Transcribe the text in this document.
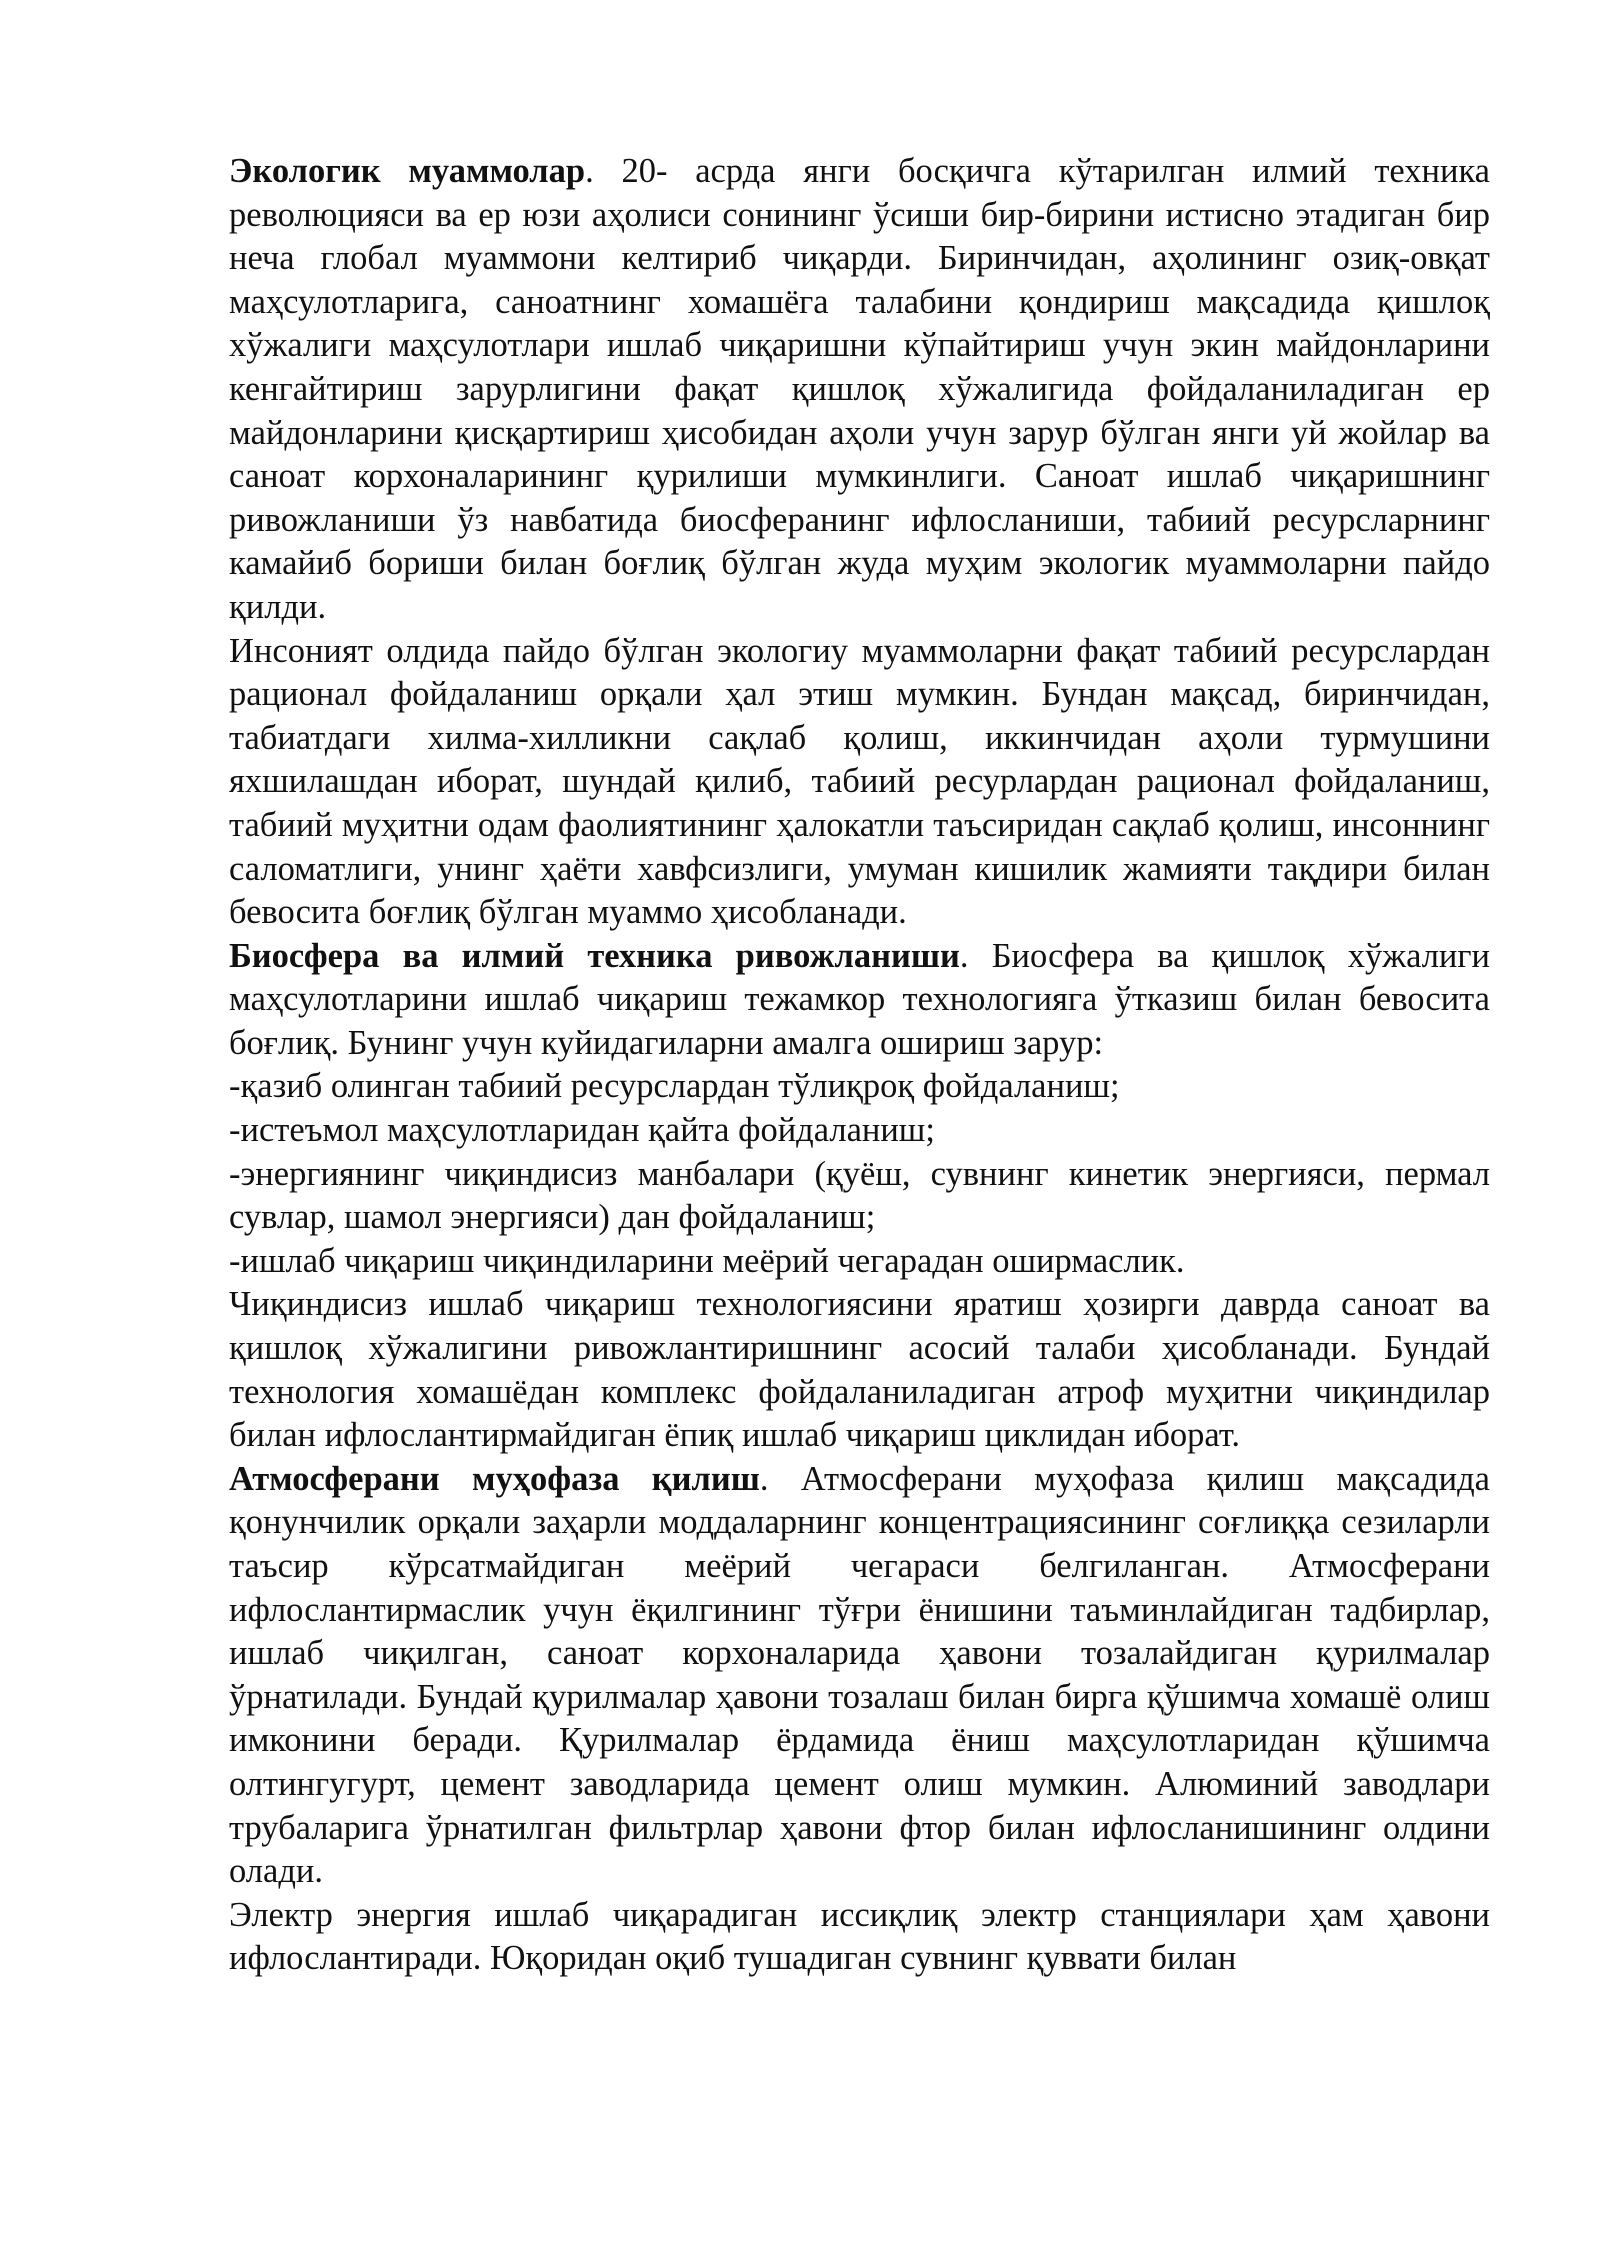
Экологик муаммолар. 20- асрда янги босқичга кўтарилган илмий техника революцияси ва ер юзи аҳолиси сонининг ўсиши бир-бирини истисно этадиган бир неча глобал муаммони келтириб чиқарди. Биринчидан, аҳолининг озиқ-овқат маҳсулотларига, саноатнинг хомашёга талабини қондириш мақсадида қишлоқ хўжалиги маҳсулотлари ишлаб чиқаришни кўпайтириш учун экин майдонларини кенгайтириш зарурлигини фақат қишлоқ хўжалигида фойдаланиладиган ер майдонларини қисқартириш ҳисобидан аҳоли учун зарур бўлган янги уй жойлар ва саноат корхоналарининг қурилиши мумкинлиги. Саноат ишлаб чиқаришнинг ривожланиши ўз навбатида биосферанинг ифлосланиши, табиий ресурсларнинг камайиб бориши билан боғлиқ бўлган жуда муҳим экологик муаммоларни пайдо қилди.

Инсоният олдида пайдо бўлган экологиу муаммоларни фақат табиий ресурслардан рационал фойдаланиш орқали ҳал этиш мумкин. Бундан мақсад, биринчидан, табиатдаги хилма-хилликни сақлаб қолиш, иккинчидан аҳоли турмушини яхшилашдан иборат, шундай қилиб, табиий ресурлардан рационал фойдаланиш, табиий муҳитни одам фаолиятининг ҳалокатли таъсиридан сақлаб қолиш, инсоннинг саломатлиги, унинг ҳаёти хавфсизлиги, умуман кишилик жамияти тақдири билан бевосита боғлиқ бўлган муаммо ҳисобланади.

Биосфера ва илмий техника ривожланиши. Биосфера ва қишлоқ хўжалиги маҳсулотларини ишлаб чиқариш тежамкор технологияга ўтказиш билан бевосита боғлиқ. Бунинг учун куйидагиларни амалга ошириш зарур:

-қазиб олинган табиий ресурслардан тўлиқроқ фойдаланиш;

-истеъмол маҳсулотларидан қайта фойдаланиш;

-энергиянинг чиқиндисиз манбалари (қуёш, сувнинг кинетик энергияси, пермал сувлар, шамол энергияси) дан фойдаланиш;

-ишлаб чиқариш чиқиндиларини меёрий чегарадан оширмаслик.

Чиқиндисиз ишлаб чиқариш технологиясини яратиш ҳозирги даврда саноат ва қишлоқ хўжалигини ривожлантиришнинг асосий талаби ҳисобланади. Бундай технология хомашёдан комплекс фойдаланиладиган атроф муҳитни чиқиндилар билан ифлослантирмайдиган ёпиқ ишлаб чиқариш циклидан иборат.

Атмосферани муҳофаза қилиш. Атмосферани муҳофаза қилиш мақсадида қонунчилик орқали заҳарли моддаларнинг концентрациясининг соғлиққа сезиларли таъсир кўрсатмайдиган меёрий чегараси белгиланган. Атмосферани ифлослантирмаслик учун ёқилгининг тўғри ёнишини таъминлайдиган тадбирлар, ишлаб чиқилган, саноат корхоналарида ҳавони тозалайдиган қурилмалар ўрнатилади. Бундай қурилмалар ҳавони тозалаш билан бирга қўшимча хомашё олиш имконини беради. Қурилмалар ёрдамида ёниш маҳсулотларидан қўшимча олтингугурт, цемент заводларида цемент олиш мумкин. Алюминий заводлари трубаларига ўрнатилган фильтрлар ҳавони фтор билан ифлосланишининг олдини олади.

Электр энергия ишлаб чиқарадиган иссиқлиқ электр станциялари ҳам ҳавони ифлослантиради. Юқоридан оқиб тушадиган сувнинг қуввати билан
